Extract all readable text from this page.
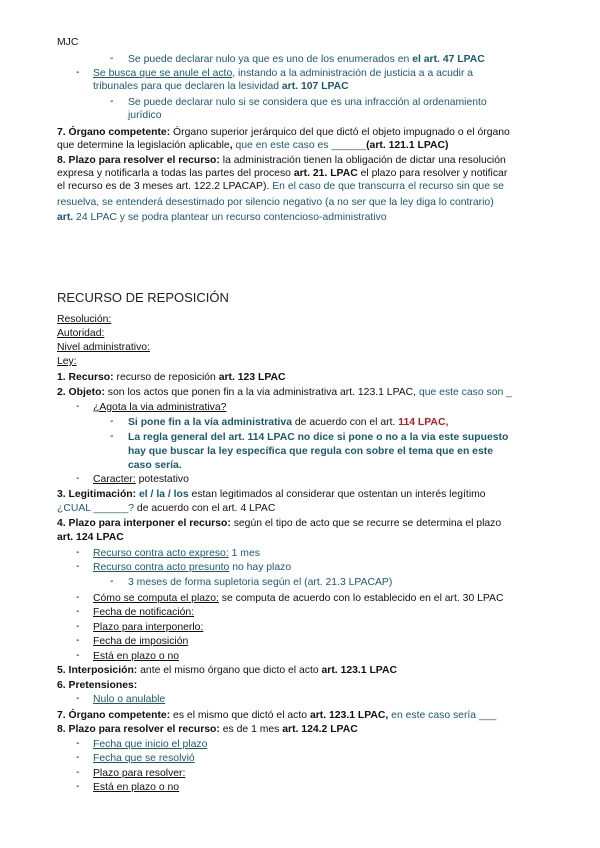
MJC
- Se puede declarar nulo ya que es uno de los enumerados en el art. 47 LPAC
- Se busca que se anule el acto, instando a la administración de justicia a a acudir a
tribunales para que declaren la lesividad art. 107 LPAC
- Se puede declarar nulo si se considera que es una infracción al ordenamiento
jurídico
7. Órgano competente: Órgano superior jerárquico del que dictó el objeto impugnado o el órgano
que determine la legislación aplicable, que en este caso es ______(art. 121.1 LPAC)
8. Plazo para resolver el recurso: la administración tienen la obligación de dictar una resolución
expresa y notificarla a todas las partes del proceso art. 21. LPAC el plazo para resolver y notificar
el recurso es de 3 meses art. 122.2 LPACAP). En el caso de que transcurra el recurso sin que se
resuelva, se entenderá desestimado por silencio negativo (a no ser que la ley diga lo contrario)
art. 24 LPAC y se podra plantear un recurso contencioso-administrativo
RECURSO DE REPOSICIÓN
Resolución:
Autoridad:
Nivel administrativo:
Ley:
1. Recurso: recurso de reposición art. 123 LPAC
2. Objeto: son los actos que ponen fin a la via administrativa art. 123.1 LPAC, que este caso son _
- ¿Agota la via administrativa?
- Si pone fin a la vía administrativa de acuerdo con el art. 114 LPAC,
- La regla general del art. 114 LPAC no dice si pone o no a la via este supuesto
hay que buscar la ley específica que regula con sobre el tema que en este
caso sería.
- Caracter: potestativo
3. Legitimación: el / la / los estan legitimados al considerar que ostentan un interés legítimo
¿CUAL ______? de acuerdo con el art. 4 LPAC
4. Plazo para interponer el recurso: según el tipo de acto que se recurre se determina el plazo
art. 124 LPAC
- Recurso contra acto expreso: 1 mes
- Recurso contra acto presunto no hay plazo
- 3 meses de forma supletoria según el (art. 21.3 LPACAP)
- Cómo se computa el plazo: se computa de acuerdo con lo establecido en el art. 30 LPAC
- Fecha de notificación:
- Plazo para interponerlo:
- Fecha de imposición
- Está en plazo o no
5. Interposición: ante el mismo órgano que dicto el acto art. 123.1 LPAC
6. Pretensiones:
- Nulo o anulable
7. Órgano competente: es el mismo que dictó el acto art. 123.1 LPAC, en este caso sería ___
8. Plazo para resolver el recurso: es de 1 mes art. 124.2 LPAC
- Fecha que inicio el plazo
- Fecha que se resolvió
- Plazo para resolver:
- Está en plazo o no
